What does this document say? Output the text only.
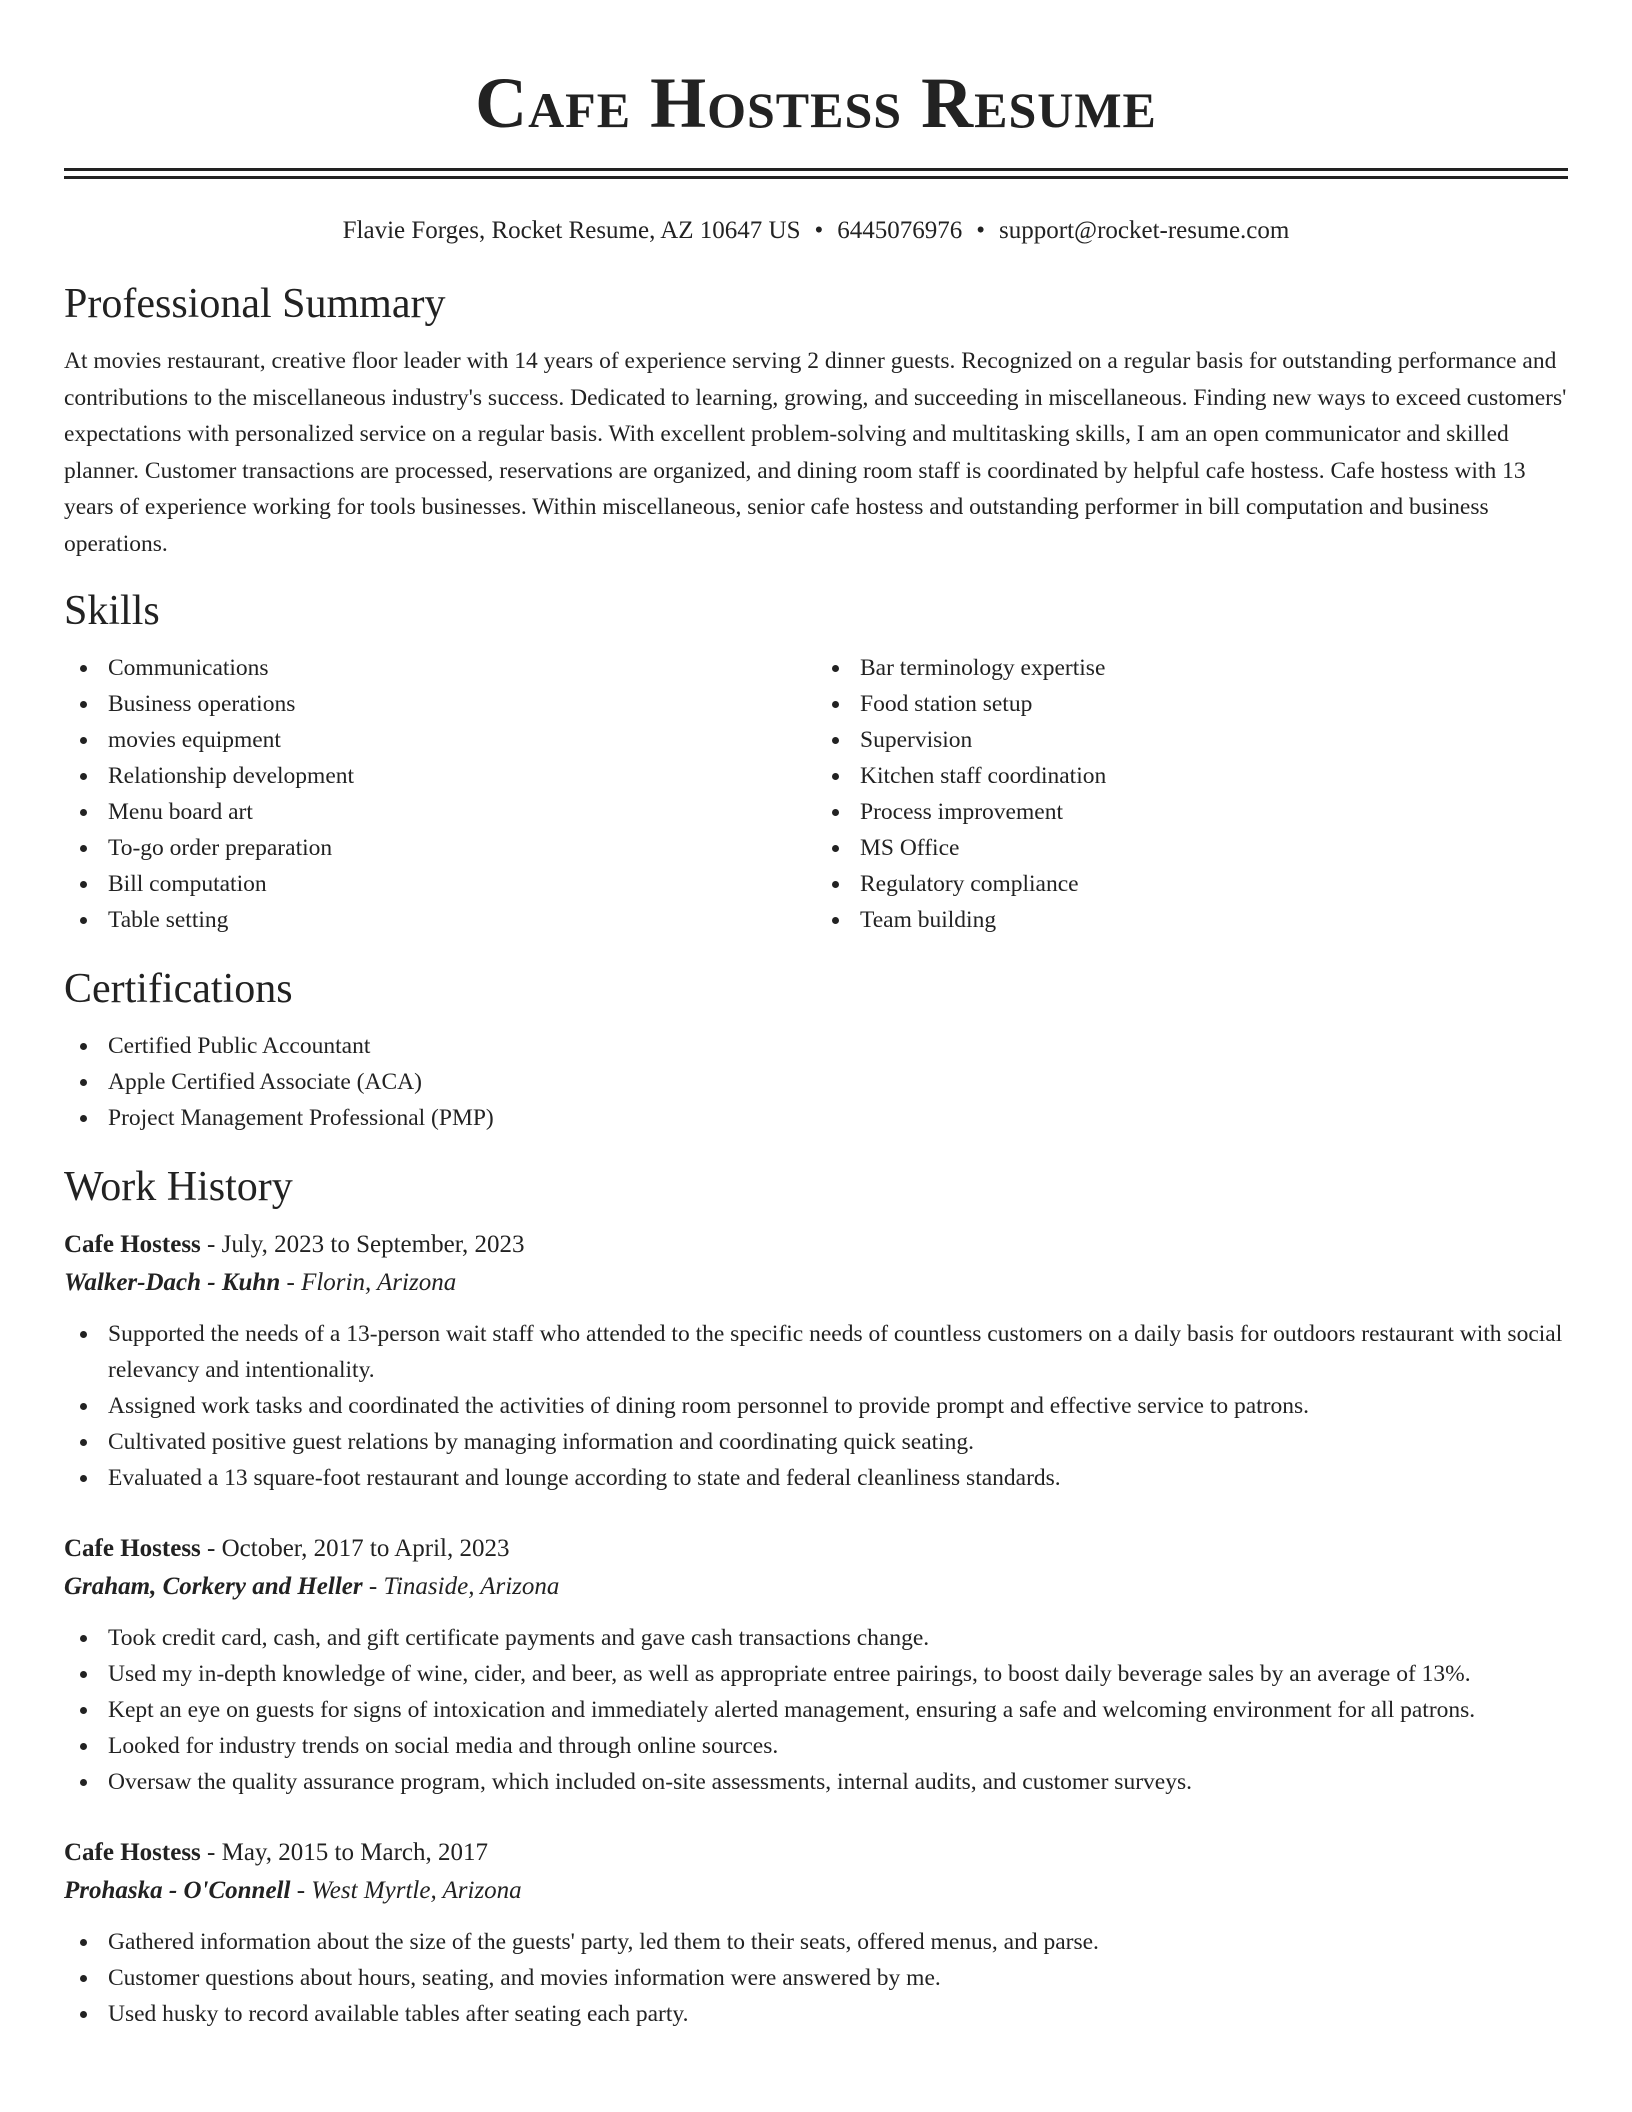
Cafe Hostess Resume
Flavie Forges, Rocket Resume, AZ 10647 US • 6445076976 • support@rocket-resume.com
Professional Summary

At movies restaurant, creative floor leader with 14 years of experience serving 2 dinner guests. Recognized on a regular basis for outstanding performance and contributions to the miscellaneous industry's success. Dedicated to learning, growing, and succeeding in miscellaneous. Finding new ways to exceed customers' expectations with personalized service on a regular basis. With excellent problem-solving and multitasking skills, I am an open communicator and skilled planner. Customer transactions are processed, reservations are organized, and dining room staff is coordinated by helpful cafe hostess. Cafe hostess with 13 years of experience working for tools businesses. Within miscellaneous, senior cafe hostess and outstanding performer in bill computation and business operations.

Skills
Communications
Business operations
movies equipment
Relationship development
Menu board art
To-go order preparation
Bill computation
Table setting
Bar terminology expertise
Food station setup
Supervision
Kitchen staff coordination
Process improvement
MS Office
Regulatory compliance
Team building
Certifications
Certified Public Accountant
Apple Certified Associate (ACA)
Project Management Professional (PMP)
Work History
Cafe Hostess - July, 2023 to September, 2023
Walker-Dach - Kuhn - Florin, Arizona
Supported the needs of a 13-person wait staff who attended to the specific needs of countless customers on a daily basis for outdoors restaurant with social relevancy and intentionality.
Assigned work tasks and coordinated the activities of dining room personnel to provide prompt and effective service to patrons.
Cultivated positive guest relations by managing information and coordinating quick seating.
Evaluated a 13 square-foot restaurant and lounge according to state and federal cleanliness standards.
Cafe Hostess - October, 2017 to April, 2023
Graham, Corkery and Heller - Tinaside, Arizona
Took credit card, cash, and gift certificate payments and gave cash transactions change.
Used my in-depth knowledge of wine, cider, and beer, as well as appropriate entree pairings, to boost daily beverage sales by an average of 13%.
Kept an eye on guests for signs of intoxication and immediately alerted management, ensuring a safe and welcoming environment for all patrons.
Looked for industry trends on social media and through online sources.
Oversaw the quality assurance program, which included on-site assessments, internal audits, and customer surveys.
Cafe Hostess - May, 2015 to March, 2017
Prohaska - O'Connell - West Myrtle, Arizona
Gathered information about the size of the guests' party, led them to their seats, offered menus, and parse.
Customer questions about hours, seating, and movies information were answered by me.
Used husky to record available tables after seating each party.
